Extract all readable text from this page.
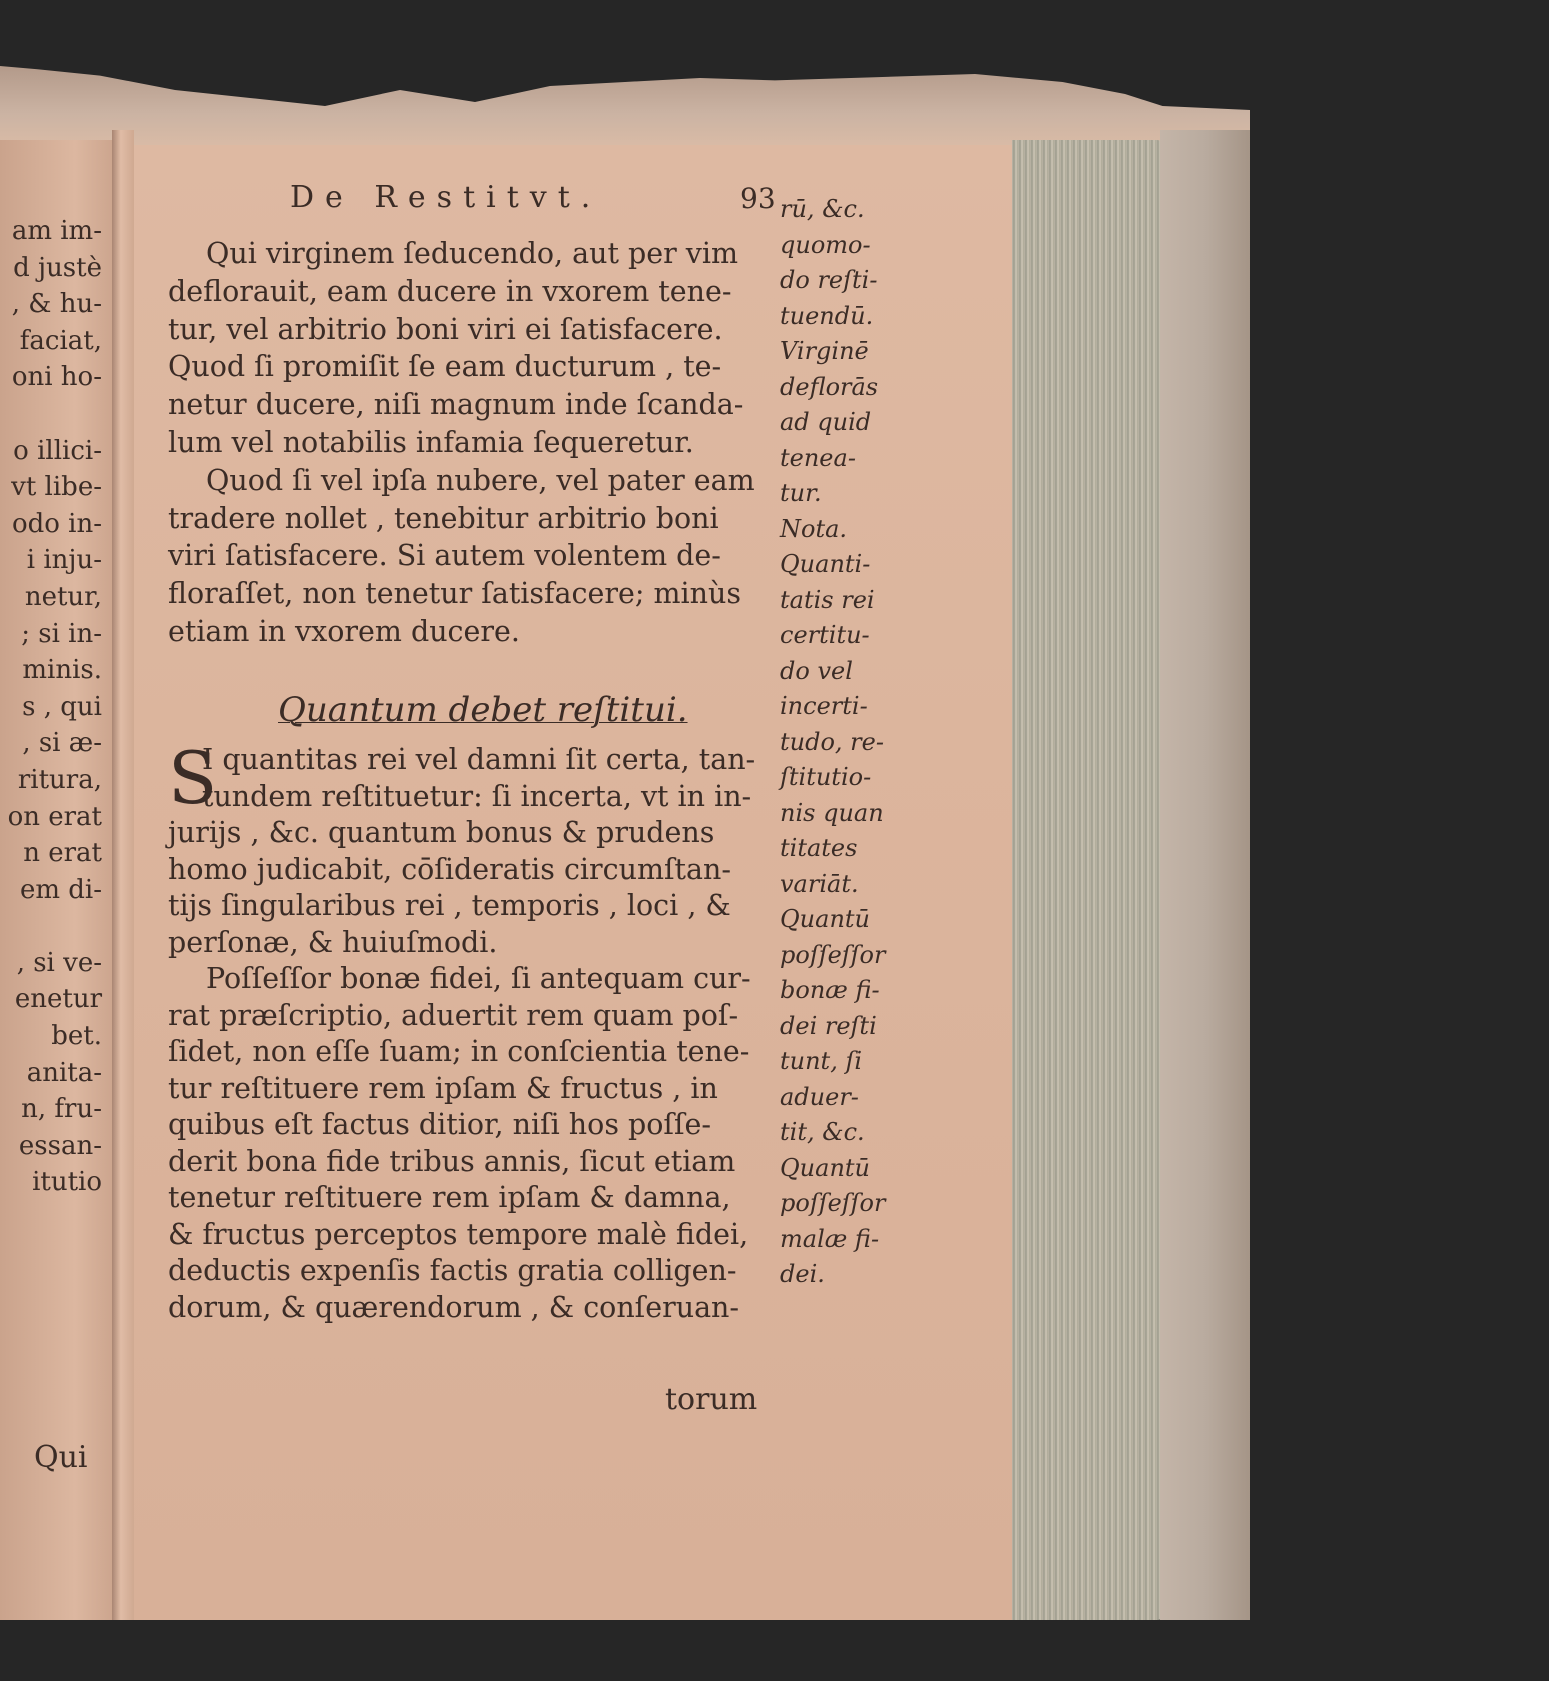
am im-
d justè
, & hu-
faciat,
oni ho-

o illici-
vt libe-
odo in-
i inju-
netur,
; si in-
minis.
s , qui
, si æ-
ritura,
on erat
n erat
em di-

, si ve-
enetur
bet.
anita-
n, fru-
essan-
itutio
Qui
De Restitvt.	93
Qui virginem ſeducendo, aut per vim
deflorauit, eam ducere in vxorem tene-
tur, vel arbitrio boni viri ei ſatisfacere.
Quod ſi promiſit ſe eam ducturum , te-
netur ducere, niſi magnum inde ſcanda-
lum vel notabilis infamia ſequeretur.
Quod ſi vel ipſa nubere, vel pater eam
tradere nollet , tenebitur arbitrio boni
viri ſatisfacere. Si autem volentem de-
floraſſet, non tenetur ſatisfacere; minùs
etiam in vxorem ducere.
Quantum debet reſtitui.
S
I quantitas rei vel damni ſit certa, tan-
tundem reſtituetur: ſi incerta, vt in in-
jurijs , &c. quantum bonus & prudens
homo judicabit, cōſideratis circumſtan-
tijs ſingularibus rei , temporis , loci , &
perſonæ, & huiuſmodi.
Poſſeſſor bonæ fidei, ſi antequam cur-
rat præſcriptio, aduertit rem quam poſ-
ſidet, non eſſe ſuam; in conſcientia tene-
tur reſtituere rem ipſam & fructus , in
quibus eſt factus ditior, niſi hos poſſe-
derit bona fide tribus annis, ſicut etiam
tenetur reſtituere rem ipſam & damna,
& fructus perceptos tempore malè fidei,
deductis expenſis factis gratia colligen-
dorum, & quærendorum , & conſeruan-
torum
rū, &c.
quomo-
do reſti-
tuendū.
Virginē
deflorās
ad quid
tenea-
tur.
Nota.
Quanti-
tatis rei
certitu-
do vel
incerti-
tudo, re-
ſtitutio-
nis quan
titates
variāt.
Quantū
poſſeſſor
bonæ fi-
dei reſti
tunt, ſi
aduer-
tit, &c.
Quantū
poſſeſſor
malæ fi-
dei.
